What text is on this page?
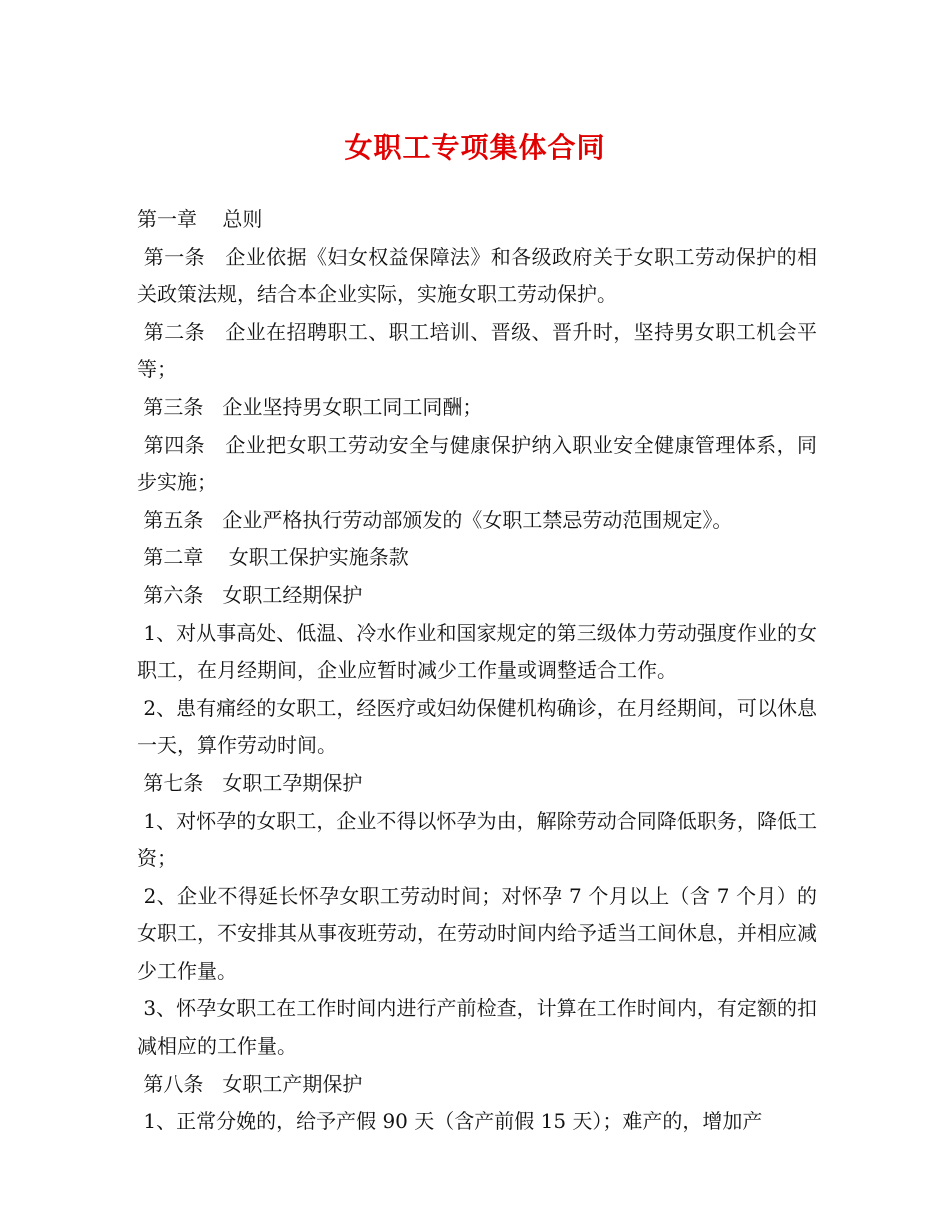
女职工专项集体合同

第一章    总则

第一条   企业依据《妇女权益保障法》和各级政府关于女职工劳动保护的相关政策法规，结合本企业实际，实施女职工劳动保护。

第二条   企业在招聘职工、职工培训、晋级、晋升时，坚持男女职工机会平等；

第三条   企业坚持男女职工同工同酬；

第四条   企业把女职工劳动安全与健康保护纳入职业安全健康管理体系，同步实施；

第五条   企业严格执行劳动部颁发的《女职工禁忌劳动范围规定》。

第二章    女职工保护实施条款

第六条   女职工经期保护

1、对从事高处、低温、冷水作业和国家规定的第三级体力劳动强度作业的女职工，在月经期间，企业应暂时减少工作量或调整适合工作。

2、患有痛经的女职工，经医疗或妇幼保健机构确诊，在月经期间，可以休息一天，算作劳动时间。

第七条   女职工孕期保护

1、对怀孕的女职工，企业不得以怀孕为由，解除劳动合同降低职务，降低工资；

2、企业不得延长怀孕女职工劳动时间；对怀孕 7 个月以上（含 7 个月）的女职工，不安排其从事夜班劳动，在劳动时间内给予适当工间休息，并相应减少工作量。

3、怀孕女职工在工作时间内进行产前检查，计算在工作时间内，有定额的扣减相应的工作量。

第八条   女职工产期保护

1、正常分娩的，给予产假 90 天（含产前假 15 天）；难产的，增加产
